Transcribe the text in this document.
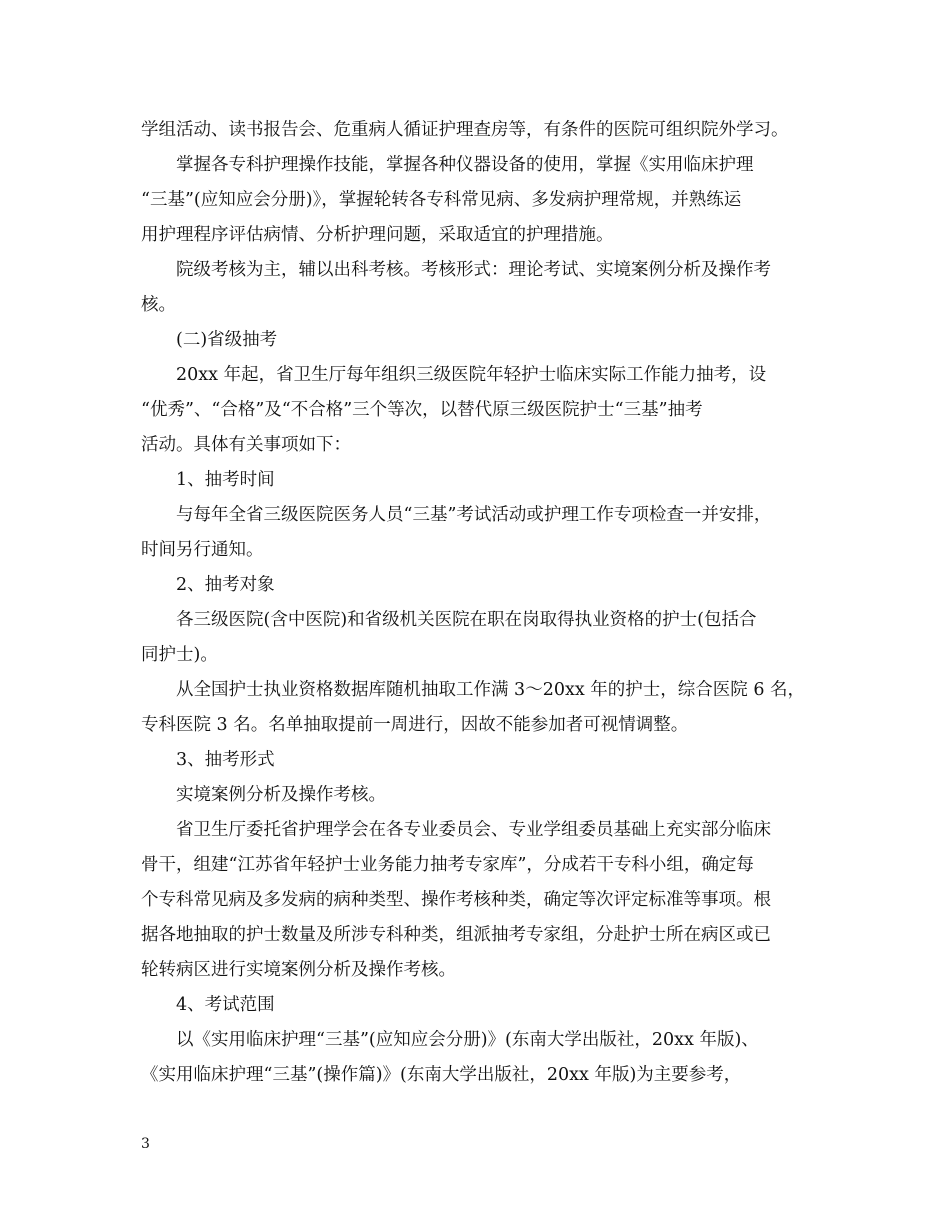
学组活动、读书报告会、危重病人循证护理查房等，有条件的医院可组织院外学习。
掌握各专科护理操作技能，掌握各种仪器设备的使用，掌握《实用临床护理
“三基”(应知应会分册)》，掌握轮转各专科常见病、多发病护理常规，并熟练运
用护理程序评估病情、分析护理问题，采取适宜的护理措施。
院级考核为主，辅以出科考核。考核形式：理论考试、实境案例分析及操作考
核。
(二)省级抽考
20xx 年起，省卫生厅每年组织三级医院年轻护士临床实际工作能力抽考，设
“优秀”、“合格”及“不合格”三个等次，以替代原三级医院护士“三基”抽考
活动。具体有关事项如下：
1、抽考时间
与每年全省三级医院医务人员“三基”考试活动或护理工作专项检查一并安排，
时间另行通知。
2、抽考对象
各三级医院(含中医院)和省级机关医院在职在岗取得执业资格的护士(包括合
同护士)。
从全国护士执业资格数据库随机抽取工作满 3～20xx 年的护士，综合医院 6 名，
专科医院 3 名。名单抽取提前一周进行，因故不能参加者可视情调整。
3、抽考形式
实境案例分析及操作考核。
省卫生厅委托省护理学会在各专业委员会、专业学组委员基础上充实部分临床
骨干，组建“江苏省年轻护士业务能力抽考专家库”，分成若干专科小组，确定每
个专科常见病及多发病的病种类型、操作考核种类，确定等次评定标准等事项。根
据各地抽取的护士数量及所涉专科种类，组派抽考专家组，分赴护士所在病区或已
轮转病区进行实境案例分析及操作考核。
4、考试范围
以《实用临床护理“三基”(应知应会分册)》(东南大学出版社，20xx 年版)、
《实用临床护理“三基”(操作篇)》(东南大学出版社，20xx 年版)为主要参考，
3
